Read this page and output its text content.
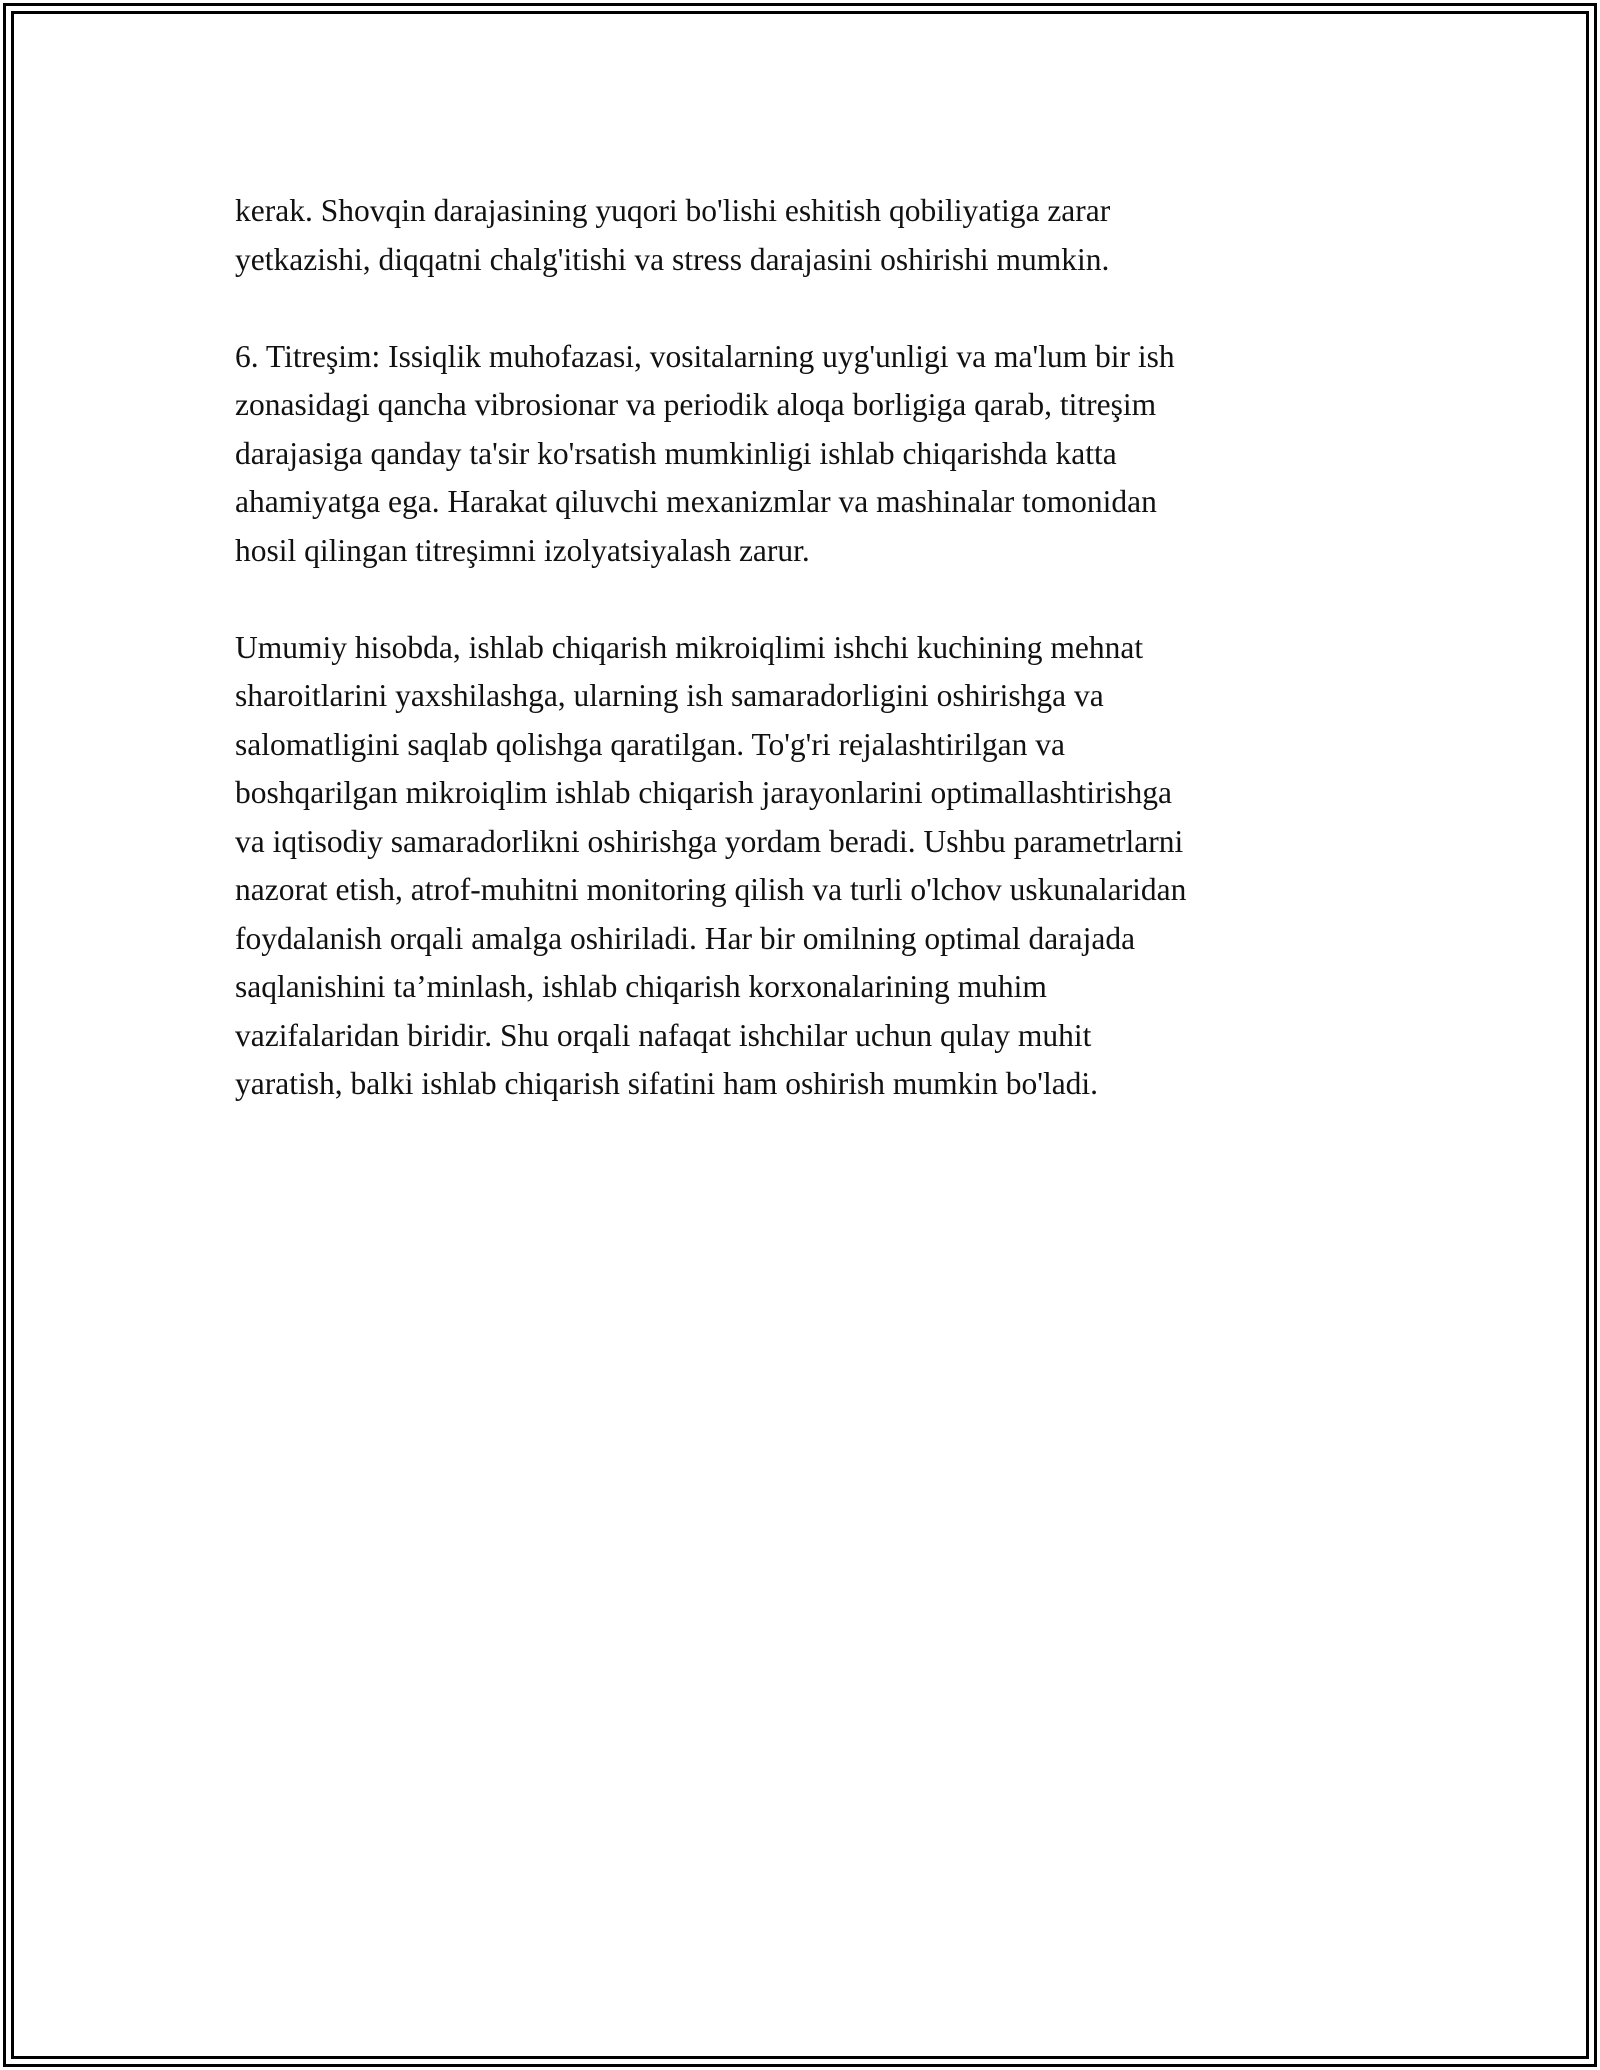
kerak. Shovqin darajasining yuqori bo'lishi eshitish qobiliyatiga zarar
yetkazishi, diqqatni chalg'itishi va stress darajasini oshirishi mumkin.

6. Titreşim: Issiqlik muhofazasi, vositalarning uyg'unligi va ma'lum bir ish
zonasidagi qancha vibrosionar va periodik aloqa borligiga qarab, titreşim
darajasiga qanday ta'sir ko'rsatish mumkinligi ishlab chiqarishda katta
ahamiyatga ega. Harakat qiluvchi mexanizmlar va mashinalar tomonidan
hosil qilingan titreşimni izolyatsiyalash zarur.

Umumiy hisobda, ishlab chiqarish mikroiqlimi ishchi kuchining mehnat
sharoitlarini yaxshilashga, ularning ish samaradorligini oshirishga va
salomatligini saqlab qolishga qaratilgan. To'g'ri rejalashtirilgan va
boshqarilgan mikroiqlim ishlab chiqarish jarayonlarini optimallashtirishga
va iqtisodiy samaradorlikni oshirishga yordam beradi. Ushbu parametrlarni
nazorat etish, atrof-muhitni monitoring qilish va turli o'lchov uskunalaridan
foydalanish orqali amalga oshiriladi. Har bir omilning optimal darajada
saqlanishini ta’minlash, ishlab chiqarish korxonalarining muhim
vazifalaridan biridir. Shu orqali nafaqat ishchilar uchun qulay muhit
yaratish, balki ishlab chiqarish sifatini ham oshirish mumkin bo'ladi.
